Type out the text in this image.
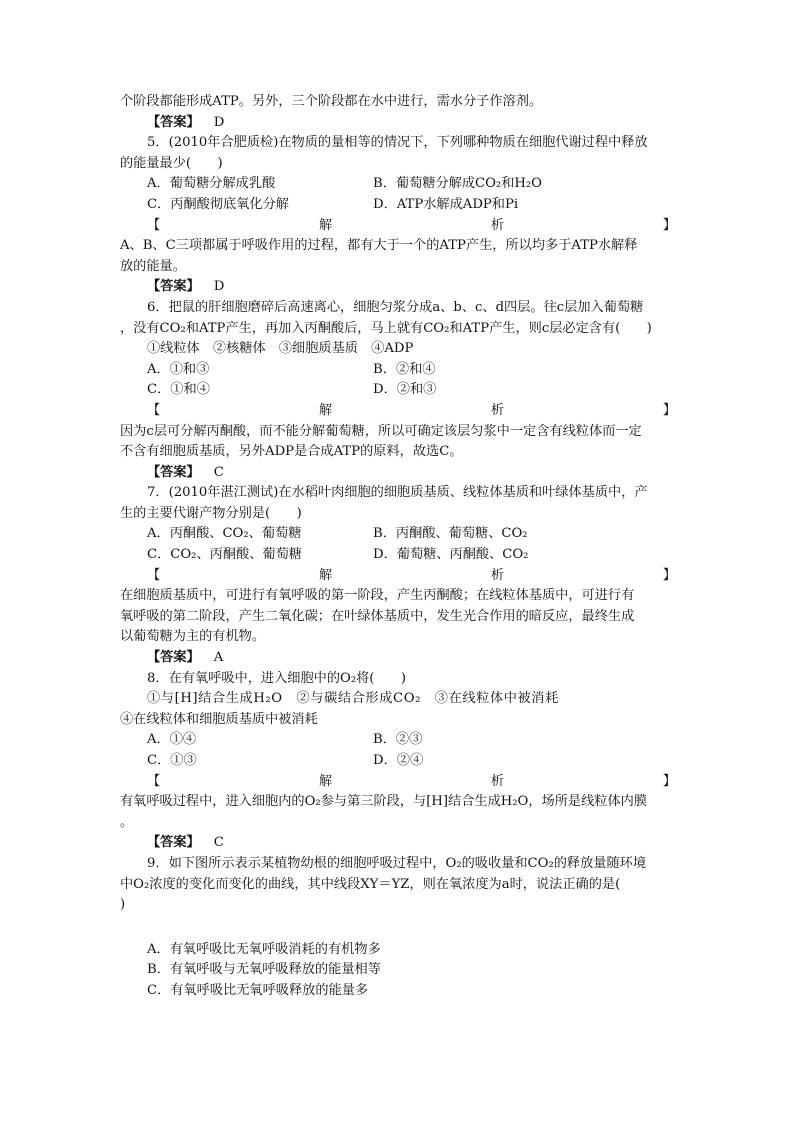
个阶段都能形成ATP。另外，三个阶段都在水中进行，需水分子作溶剂。
【答案】 D
5．(2010年合肥质检)在物质的量相等的情况下，下列哪种物质在细胞代谢过程中释放
的能量最少(　　)
A．葡萄糖分解成乳酸	B．葡萄糖分解成CO₂和H₂O
C．丙酮酸彻底氧化分解	D．ATP水解成ADP和Pi
【	解	析	】
A、B、C三项都属于呼吸作用的过程，都有大于一个的ATP产生，所以均多于ATP水解释
放的能量。
【答案】 D
6．把鼠的肝细胞磨碎后高速离心，细胞匀浆分成a、b、c、d四层。往c层加入葡萄糖
，没有CO₂和ATP产生，再加入丙酮酸后，马上就有CO₂和ATP产生，则c层必定含有(　　)
①线粒体　②核糖体　③细胞质基质　④ADP
A．①和③	B．②和④
C．①和④	D．②和③
【	解	析	】
因为c层可分解丙酮酸，而不能分解葡萄糖，所以可确定该层匀浆中一定含有线粒体而一定
不含有细胞质基质，另外ADP是合成ATP的原料，故选C。
【答案】 C
7．(2010年湛江测试)在水稻叶肉细胞的细胞质基质、线粒体基质和叶绿体基质中，产
生的主要代谢产物分别是(　　)
A．丙酮酸、CO₂、葡萄糖	B．丙酮酸、葡萄糖、CO₂
C．CO₂、丙酮酸、葡萄糖	D．葡萄糖、丙酮酸、CO₂
【	解	析	】
在细胞质基质中，可进行有氧呼吸的第一阶段，产生丙酮酸；在线粒体基质中，可进行有
氧呼吸的第二阶段，产生二氧化碳；在叶绿体基质中，发生光合作用的暗反应，最终生成
以葡萄糖为主的有机物。
【答案】 A
8．在有氧呼吸中，进入细胞中的O₂将(　　)
①与[H]结合生成H₂O　②与碳结合形成CO₂　③在线粒体中被消耗
④在线粒体和细胞质基质中被消耗
A．①④	B．②③
C．①③	D．②④
【	解	析	】
有氧呼吸过程中，进入细胞内的O₂参与第三阶段，与[H]结合生成H₂O，场所是线粒体内膜
。
【答案】 C
9．如下图所示表示某植物幼根的细胞呼吸过程中，O₂的吸收量和CO₂的释放量随环境
中O₂浓度的变化而变化的曲线，其中线段XY＝YZ，则在氧浓度为a时，说法正确的是(
)
A．有氧呼吸比无氧呼吸消耗的有机物多
B．有氧呼吸与无氧呼吸释放的能量相等
C．有氧呼吸比无氧呼吸释放的能量多
